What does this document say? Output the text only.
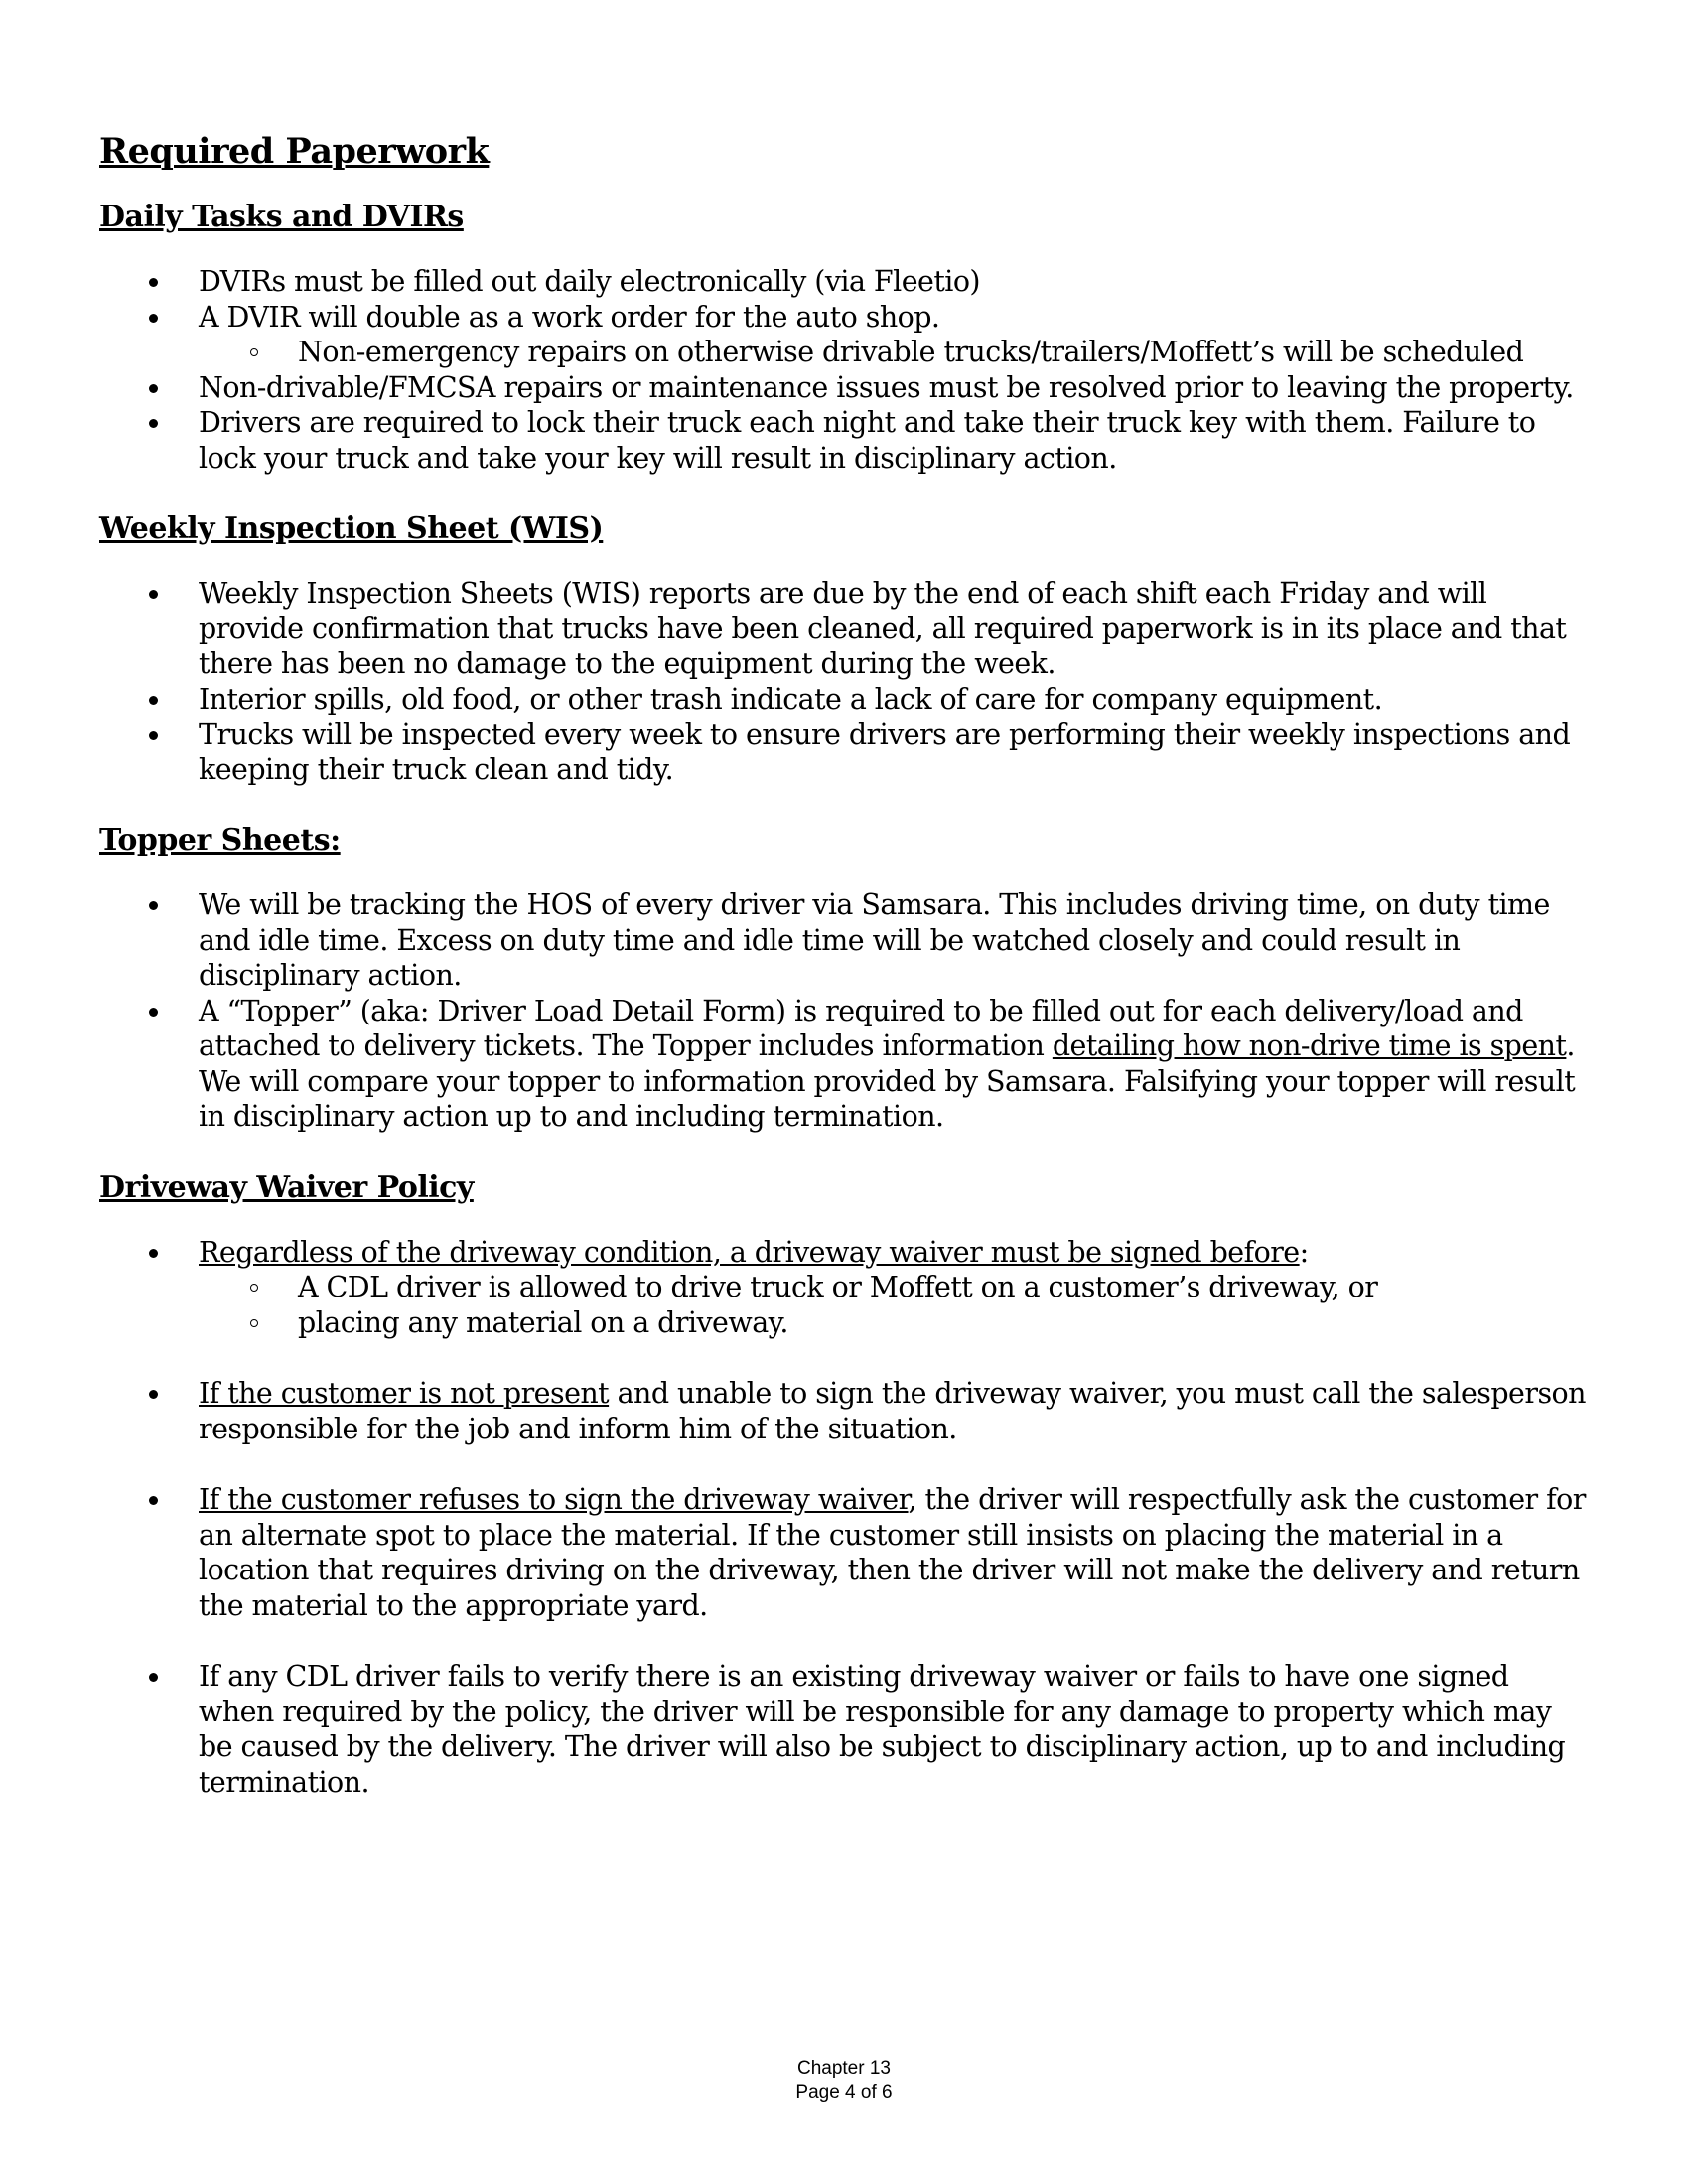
Required Paperwork
Daily Tasks and DVIRs
DVIRs must be filled out daily electronically (via Fleetio)
A DVIR will double as a work order for the auto shop.
Non-emergency repairs on otherwise drivable trucks/trailers/Moffett’s will be scheduled
Non-drivable/FMCSA repairs or maintenance issues must be resolved prior to leaving the property.
Drivers are required to lock their truck each night and take their truck key with them. Failure to lock your truck and take your key will result in disciplinary action.
Weekly Inspection Sheet (WIS)
Weekly Inspection Sheets (WIS) reports are due by the end of each shift each Friday and will provide confirmation that trucks have been cleaned, all required paperwork is in its place and that there has been no damage to the equipment during the week.
Interior spills, old food, or other trash indicate a lack of care for company equipment.
Trucks will be inspected every week to ensure drivers are performing their weekly inspections and keeping their truck clean and tidy.
Topper Sheets:
We will be tracking the HOS of every driver via Samsara. This includes driving time, on duty time and idle time. Excess on duty time and idle time will be watched closely and could result in disciplinary action.
A “Topper” (aka: Driver Load Detail Form) is required to be filled out for each delivery/load and attached to delivery tickets. The Topper includes information detailing how non-drive time is spent. We will compare your topper to information provided by Samsara. Falsifying your topper will result in disciplinary action up to and including termination.
Driveway Waiver Policy
Regardless of the driveway condition, a driveway waiver must be signed before:
A CDL driver is allowed to drive truck or Moffett on a customer’s driveway, or
placing any material on a driveway.
If the customer is not present and unable to sign the driveway waiver, you must call the salesperson responsible for the job and inform him of the situation.
If the customer refuses to sign the driveway waiver, the driver will respectfully ask the customer for an alternate spot to place the material. If the customer still insists on placing the material in a location that requires driving on the driveway, then the driver will not make the delivery and return the material to the appropriate yard.
If any CDL driver fails to verify there is an existing driveway waiver or fails to have one signed when required by the policy, the driver will be responsible for any damage to property which may be caused by the delivery. The driver will also be subject to disciplinary action, up to and including termination.
Chapter 13
Page 4 of 6
